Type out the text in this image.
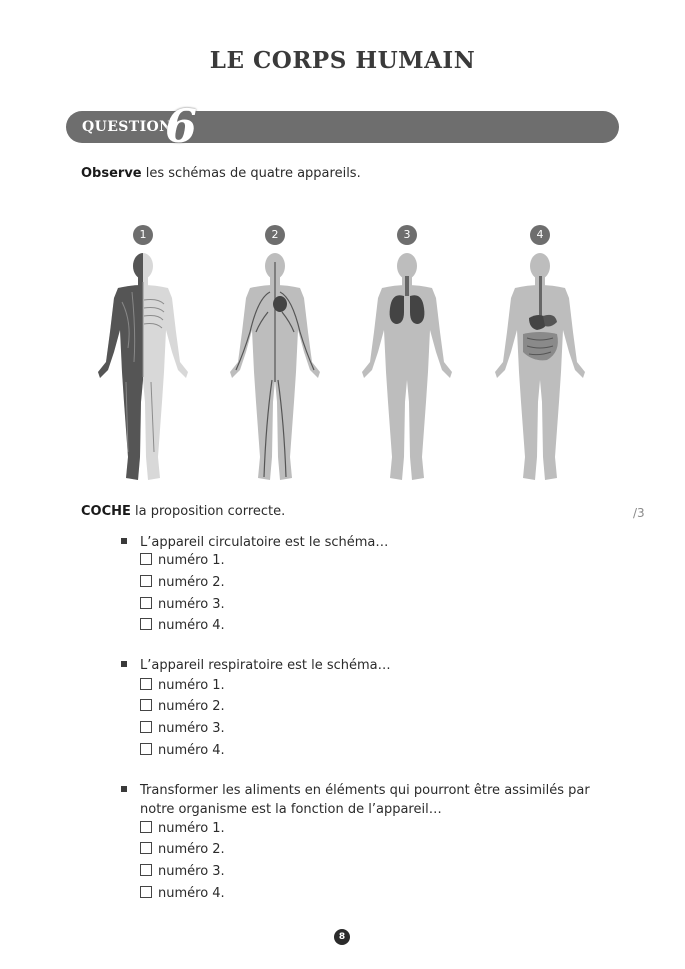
LE CORPS HUMAIN
QUESTION
6
Observe les schémas de quatre appareils.
1	2	3	4
COCHE la proposition correcte.	/3
L’appareil circulatoire est le schéma…
numéro 1.
numéro 2.
numéro 3.
numéro 4.
L’appareil respiratoire est le schéma…
numéro 1.
numéro 2.
numéro 3.
numéro 4.
Transformer les aliments en éléments qui pourront être assimilés par notre organisme est la fonction de l’appareil…
numéro 1.
numéro 2.
numéro 3.
numéro 4.
8
